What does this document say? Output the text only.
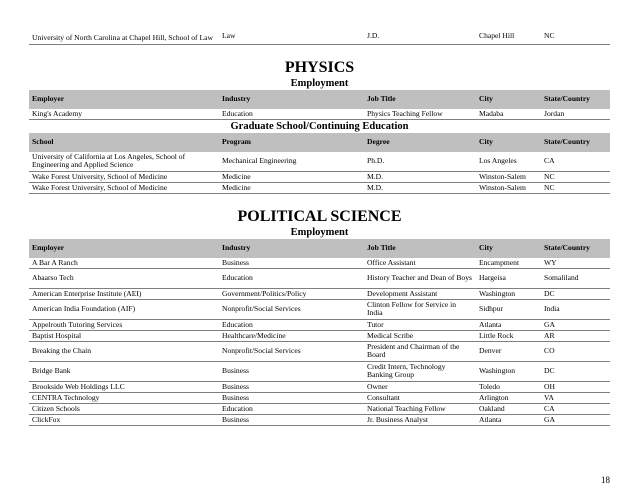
University of North Carolina at Chapel Hill, School of Law	Law	J.D.	Chapel Hill	NC
PHYSICS

Employment

Employer	Industry	Job Title	City	State/Country
King's Academy	Education	Physics Teaching Fellow	Madaba	Jordan

Graduate School/Continuing Education

School	Program	Degree	City	State/Country
University of California at Los Angeles, School of Engineering and Applied Science	Mechanical Engineering	Ph.D.	Los Angeles	CA
Wake Forest University, School of Medicine	Medicine	M.D.	Winston-Salem	NC
Wake Forest University, School of Medicine	Medicine	M.D.	Winston-Salem	NC
POLITICAL SCIENCE

Employment

Employer	Industry	Job Title	City	State/Country
A Bar A Ranch	Business	Office Assistant	Encampment	WY
Abaarso Tech	Education	History Teacher and Dean of Boys	Hargeisa	Somaliland
American Enterprise Institute (AEI)	Government/Politics/Policy	Development Assistant	Washington	DC
American India Foundation (AIF)	Nonprofit/Social Services	Clinton Fellow for Service in India	Sidhpur	India
Appelrouth Tutoring Services	Education	Tutor	Atlanta	GA
Baptist Hospital	Healthcare/Medicine	Medical Scribe	Little Rock	AR
Breaking the Chain	Nonprofit/Social Services	President and Chairman of the Board	Denver	CO
Bridge Bank	Business	Credit Intern, Technology Banking Group	Washington	DC
Brookside Web Holdings LLC	Business	Owner	Toledo	OH
CENTRA Technology	Business	Consultant	Arlington	VA
Citizen Schools	Education	National Teaching Fellow	Oakland	CA
ClickFox	Business	Jr. Business Analyst	Atlanta	GA
18
